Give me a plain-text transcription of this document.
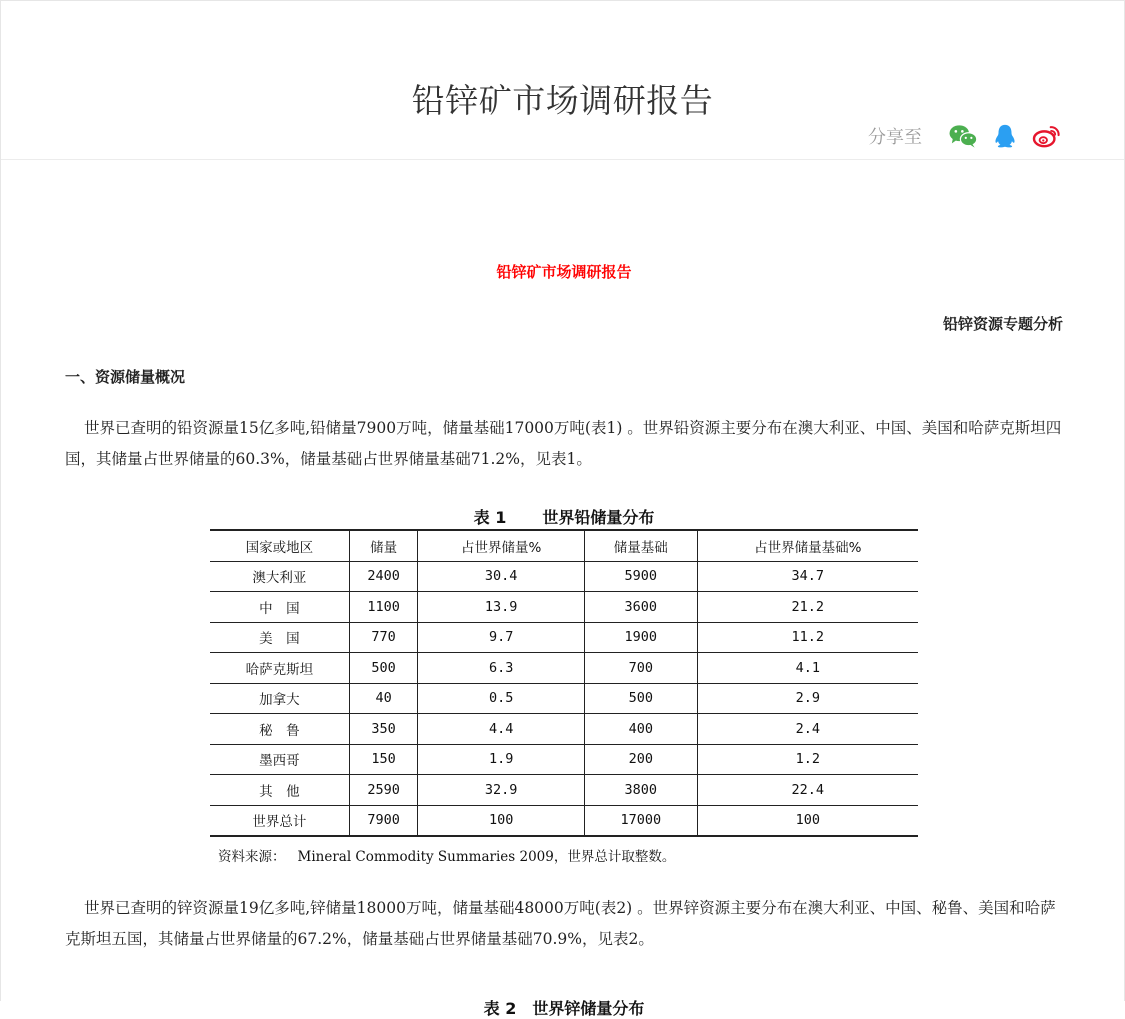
铅锌矿市场调研报告
分享至
铅锌矿市场调研报告
铅锌资源专题分析
一、资源储量概况

世界已查明的铅资源量15亿多吨,铅储量7900万吨，储量基础17000万吨(表1) 。世界铅资源主要分布在澳大利亚、中国、美国和哈萨克斯坦四国，其储量占世界储量的60.3%，储量基础占世界储量基础71.2%，见表1。

表 1 世界铅储量分布
国家或地区	储量	占世界储量%	储量基础	占世界储量基础%
澳大利亚	2400	30.4	5900	34.7
中　国	1100	13.9	3600	21.2
美　国	770	9.7	1900	11.2
哈萨克斯坦	500	6.3	700	4.1
加拿大	40	0.5	500	2.9
秘　鲁	350	4.4	400	2.4
墨西哥	150	1.9	200	1.2
其　他	2590	32.9	3800	22.4
世界总计	7900	100	17000	100
资料来源： Mineral Commodity Summaries 2009，世界总计取整数。

世界已查明的锌资源量19亿多吨,锌储量18000万吨，储量基础48000万吨(表2) 。世界锌资源主要分布在澳大利亚、中国、秘鲁、美国和哈萨克斯坦五国，其储量占世界储量的67.2%，储量基础占世界储量基础70.9%，见表2。

表 2　世界锌储量分布
